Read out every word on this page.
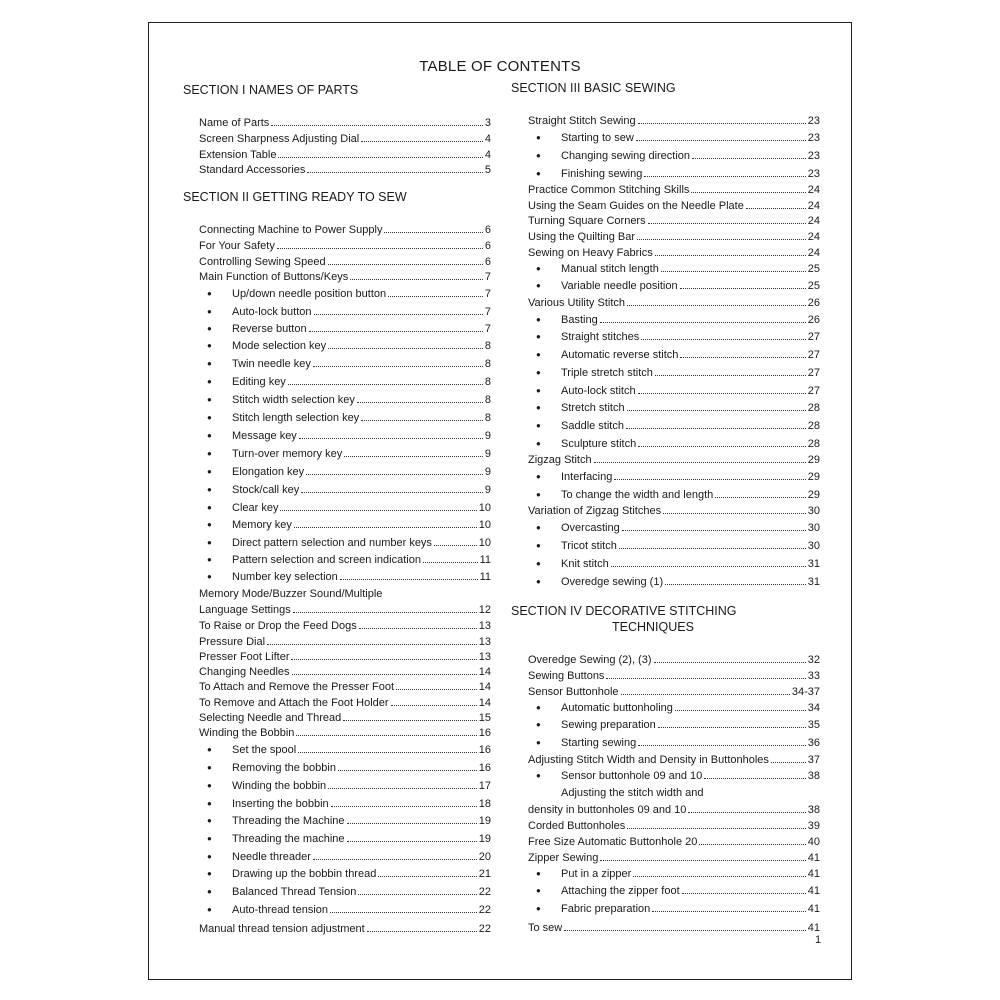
TABLE OF CONTENTS
SECTION I NAMES OF PARTS
SECTION II GETTING READY TO SEW
SECTION III BASIC SEWING
SECTION IV DECORATIVE STITCHING
TECHNIQUES
Name of Parts	3
Screen Sharpness Adjusting Dial	4
Extension Table	4
Standard Accessories	5
Connecting Machine to Power Supply	6
For Your Safety	6
Controlling Sewing Speed	6
Main Function of Buttons/Keys	7
● Up/down needle position button	7
● Auto-lock button	7
● Reverse button	7
● Mode selection key	8
● Twin needle key	8
● Editing key	8
● Stitch width selection key	8
● Stitch length selection key	8
● Message key	9
● Turn-over memory key	9
● Elongation key	9
● Stock/call key	9
● Clear key	10
● Memory key	10
● Direct pattern selection and number keys	10
● Pattern selection and screen indication	11
● Number key selection	11
Memory Mode/Buzzer Sound/Multiple
Language Settings	12
To Raise or Drop the Feed Dogs	13
Pressure Dial	13
Presser Foot Lifter	13
Changing Needles	14
To Attach and Remove the Presser Foot	14
To Remove and Attach the Foot Holder	14
Selecting Needle and Thread	15
Winding the Bobbin	16
● Set the spool	16
● Removing the bobbin	16
● Winding the bobbin	17
● Inserting the bobbin	18
● Threading the Machine	19
● Threading the machine	19
● Needle threader	20
● Drawing up the bobbin thread	21
● Balanced Thread Tension	22
● Auto-thread tension	22
Manual thread tension adjustment	22
Straight Stitch Sewing	23
● Starting to sew	23
● Changing sewing direction	23
● Finishing sewing	23
Practice Common Stitching Skills	24
Using the Seam Guides on the Needle Plate	24
Turning Square Corners	24
Using the Quilting Bar	24
Sewing on Heavy Fabrics	24
● Manual stitch length	25
● Variable needle position	25
Various Utility Stitch	26
● Basting	26
● Straight stitches	27
● Automatic reverse stitch	27
● Triple stretch stitch	27
● Auto-lock stitch	27
● Stretch stitch	28
● Saddle stitch	28
● Sculpture stitch	28
Zigzag Stitch	29
● Interfacing	29
● To change the width and length	29
Variation of Zigzag Stitches	30
● Overcasting	30
● Tricot stitch	30
● Knit stitch	31
● Overedge sewing (1)	31
Overedge Sewing (2), (3)	32
Sewing Buttons	33
Sensor Buttonhole	34-37
● Automatic buttonholing	34
● Sewing preparation	35
● Starting sewing	36
Adjusting Stitch Width and Density in Buttonholes	37
● Sensor buttonhole 09 and 10	38
Adjusting the stitch width and
density in buttonholes 09 and 10	38
Corded Buttonholes	39
Free Size Automatic Buttonhole 20	40
Zipper Sewing	41
● Put in a zipper	41
● Attaching the zipper foot	41
● Fabric preparation	41
To sew	41
1
